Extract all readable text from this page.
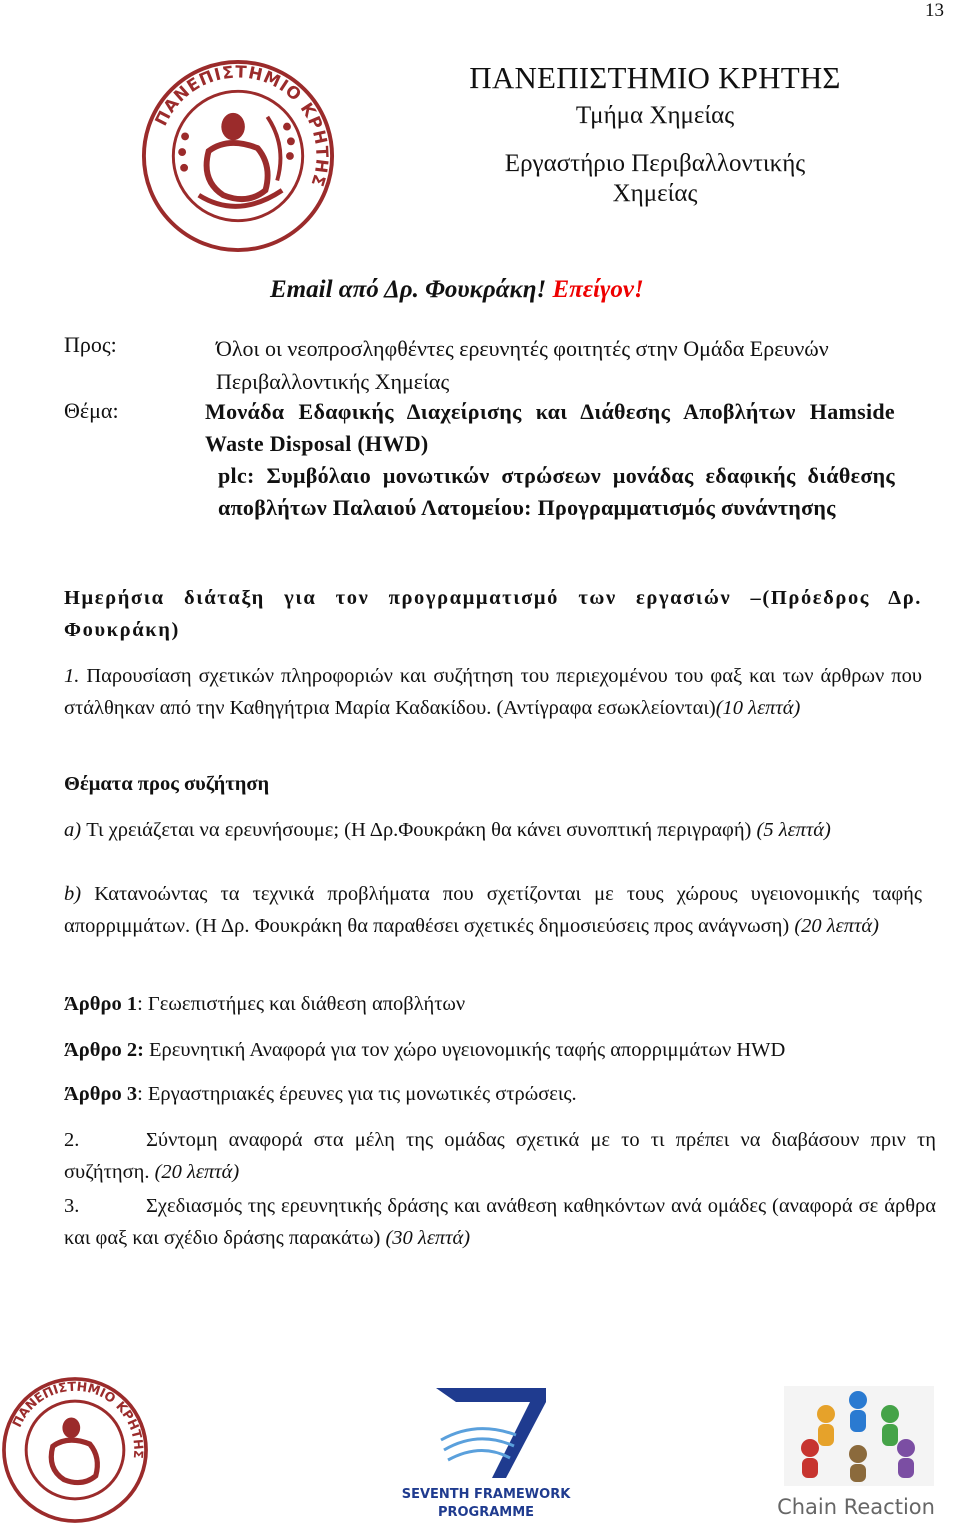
13
ΠΑΝΕΠΙΣΤΗΜΙΟ ΚΡΗΤΗΣ
ΠΑΝΕΠΙΣΤΗΜΙΟ ΚΡΗΤΗΣ
Τμήμα Χημείας
Εργαστήριο Περιβαλλοντικής
Χημείας
Email από Δρ. Φουκράκη! Επείγον!
Προς:	Όλοι οι νεοπροσληφθέντες ερευνητές φοιτητές στην Ομάδα Ερευνών Περιβαλλοντικής Χημείας
Θέμα:	Μονάδα Εδαφικής Διαχείρισης και Διάθεσης Αποβλήτων Hamside Waste Disposal (HWD)
plc: Συμβόλαιο μονωτικών στρώσεων μονάδας εδαφικής διάθεσης αποβλήτων Παλαιού Λατομείου: Προγραμματισμός συνάντησης
Ημερήσια διάταξη για τον προγραμματισμό των εργασιών –(Πρόεδρος Δρ. Φουκράκη)
1. Παρουσίαση σχετικών πληροφοριών και συζήτηση του περιεχομένου του φαξ και των άρθρων που στάλθηκαν από την Καθηγήτρια Μαρία Καδακίδου. (Αντίγραφα εσωκλείονται)(10 λεπτά)
Θέματα προς συζήτηση
a) Τι χρειάζεται να ερευνήσουμε; (Η Δρ.Φουκράκη θα κάνει συνοπτική περιγραφή) (5 λεπτά)
b) Κατανοώντας τα τεχνικά προβλήματα που σχετίζονται με τους χώρους υγειονομικής ταφής απορριμμάτων. (Η Δρ. Φουκράκη θα παραθέσει σχετικές δημοσιεύσεις προς ανάγνωση) (20 λεπτά)
Άρθρο 1: Γεωεπιστήμες και διάθεση αποβλήτων
Άρθρο 2: Ερευνητική Αναφορά για τον χώρο υγειονομικής ταφής απορριμμάτων HWD
Άρθρο 3: Εργαστηριακές έρευνες για τις μονωτικές στρώσεις.
2.	Σύντομη αναφορά στα μέλη της ομάδας σχετικά με το τι πρέπει να διαβάσουν πριν τη συζήτηση. (20 λεπτά)
3.	Σχεδιασμός της ερευνητικής δράσης και ανάθεση καθηκόντων ανά ομάδες (αναφορά σε άρθρα και φαξ και σχέδιο δράσης παρακάτω) (30 λεπτά)
ΠΑΝΕΠΙΣΤΗΜΙΟ ΚΡΗΤΗΣ
SEVENTH FRAMEWORK
PROGRAMME	Chain Reaction
